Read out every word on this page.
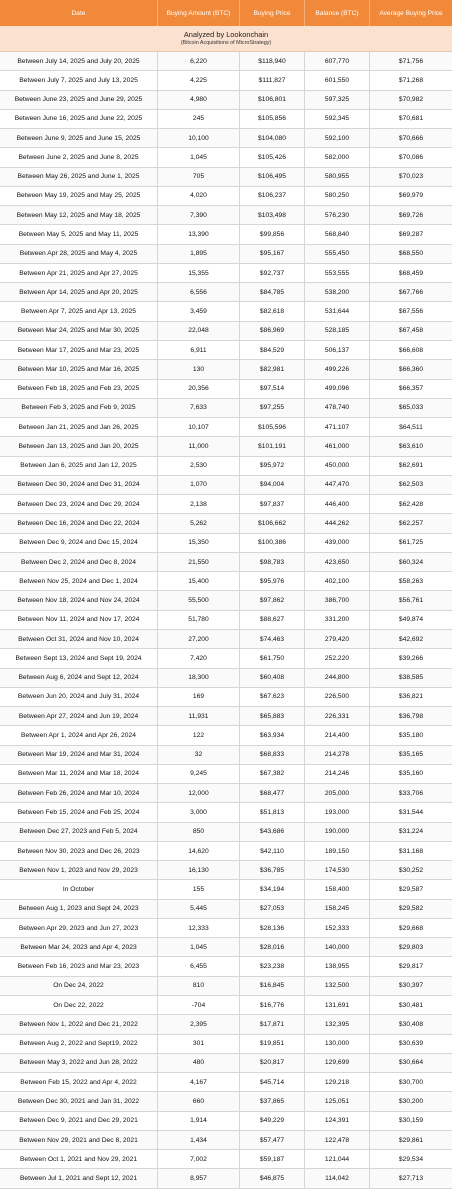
Date	Buying Amount (BTC)	Buying Price	Balance (BTC)	Average Buying Price
Analyzed by Lookonchain
(Bitcoin Acquisitions of MicroStrategy)
Between July 14, 2025 and July 20, 2025	6,220	$118,940	607,770	$71,756
Between July 7, 2025 and July 13, 2025	4,225	$111,827	601,550	$71,268
Between June 23, 2025 and June 29, 2025	4,980	$106,801	597,325	$70,982
Between June 16, 2025 and June 22, 2025	245	$105,856	592,345	$70,681
Between June 9, 2025 and June 15, 2025	10,100	$104,080	592,100	$70,666
Between June 2, 2025 and June 8, 2025	1,045	$105,426	582,000	$70,086
Between May 26, 2025 and June 1, 2025	705	$106,495	580,955	$70,023
Between May 19, 2025 and May 25, 2025	4,020	$106,237	580,250	$69,979
Between May 12, 2025 and May 18, 2025	7,390	$103,498	576,230	$69,726
Between May 5, 2025 and May 11, 2025	13,390	$99,856	568,840	$69,287
Between Apr 28, 2025 and May 4, 2025	1,895	$95,167	555,450	$68,550
Between Apr 21, 2025 and Apr 27, 2025	15,355	$92,737	553,555	$68,459
Between Apr 14, 2025 and Apr 20, 2025	6,556	$84,785	538,200	$67,766
Between Apr 7, 2025 and Apr 13, 2025	3,459	$82,618	531,644	$67,556
Between Mar 24, 2025 and Mar 30, 2025	22,048	$86,969	528,185	$67,458
Between Mar 17, 2025 and Mar 23, 2025	6,911	$84,529	506,137	$66,608
Between Mar 10, 2025 and Mar 16, 2025	130	$82,981	499,226	$66,360
Between Feb 18, 2025 and Feb 23, 2025	20,356	$97,514	499,096	$66,357
Between Feb 3, 2025 and Feb 9, 2025	7,633	$97,255	478,740	$65,033
Between Jan 21, 2025 and Jan 26, 2025	10,107	$105,596	471,107	$64,511
Between Jan 13, 2025 and Jan 20, 2025	11,000	$101,191	461,000	$63,610
Between Jan 6, 2025 and Jan 12, 2025	2,530	$95,972	450,000	$62,691
Between Dec 30, 2024 and Dec 31, 2024	1,070	$94,004	447,470	$62,503
Between Dec 23, 2024 and Dec 29, 2024	2,138	$97,837	446,400	$62,428
Between Dec 16, 2024 and Dec 22, 2024	5,262	$106,662	444,262	$62,257
Between Dec 9, 2024 and Dec 15, 2024	15,350	$100,386	439,000	$61,725
Between Dec 2, 2024 and Dec 8, 2024	21,550	$98,783	423,650	$60,324
Between Nov 25, 2024 and Dec 1, 2024	15,400	$95,976	402,100	$58,263
Between Nov 18, 2024 and Nov 24, 2024	55,500	$97,862	386,700	$56,761
Between Nov 11, 2024 and Nov 17, 2024	51,780	$88,627	331,200	$49,874
Between Oct 31, 2024 and Nov 10, 2024	27,200	$74,463	279,420	$42,692
Between Sept 13, 2024 and Sept 19, 2024	7,420	$61,750	252,220	$39,266
Between Aug 6, 2024 and Sept 12, 2024	18,300	$60,408	244,800	$38,585
Between Jun 20, 2024 and July 31, 2024	169	$67,623	226,500	$36,821
Between Apr 27, 2024 and Jun 19, 2024	11,931	$65,883	226,331	$36,798
Between Apr 1, 2024 and Apr 26, 2024	122	$63,934	214,400	$35,180
Between Mar 19, 2024 and Mar 31, 2024	32	$68,833	214,278	$35,165
Between Mar 11, 2024 and Mar 18, 2024	9,245	$67,382	214,246	$35,160
Between Feb 26, 2024 and Mar 10, 2024	12,000	$68,477	205,000	$33,706
Between Feb 15, 2024 and Feb 25, 2024	3,000	$51,813	193,000	$31,544
Between Dec 27, 2023 and Feb 5, 2024	850	$43,686	190,000	$31,224
Between Nov 30, 2023 and Dec 26, 2023	14,620	$42,110	189,150	$31,168
Between Nov 1, 2023 and Nov 29, 2023	16,130	$36,785	174,530	$30,252
In October	155	$34,194	158,400	$29,587
Between Aug 1, 2023 and Sept 24, 2023	5,445	$27,053	158,245	$29,582
Between Apr 29, 2023 and Jun 27, 2023	12,333	$28,136	152,333	$29,668
Between Mar 24, 2023 and Apr 4, 2023	1,045	$28,016	140,000	$29,803
Between Feb 16, 2023 and Mar 23, 2023	6,455	$23,238	138,955	$29,817
On Dec 24, 2022	810	$16,845	132,500	$30,397
On Dec 22, 2022	-704	$16,776	131,691	$30,481
Between Nov 1, 2022 and Dec 21, 2022	2,395	$17,871	132,395	$30,408
Between Aug 2, 2022 and Sept19, 2022	301	$19,851	130,000	$30,639
Between May 3, 2022 and Jun 28, 2022	480	$20,817	129,699	$30,664
Between Feb 15, 2022 and Apr 4, 2022	4,167	$45,714	129,218	$30,700
Between Dec 30, 2021 and Jan 31, 2022	660	$37,865	125,051	$30,200
Between Dec 9, 2021 and Dec 29, 2021	1,914	$49,229	124,391	$30,159
Between Nov 29, 2021 and Dec 8, 2021	1,434	$57,477	122,478	$29,861
Between Oct 1, 2021 and Nov 29, 2021	7,002	$59,187	121,044	$29,534
Between Jul 1, 2021 and Sept 12, 2021	8,957	$46,875	114,042	$27,713
